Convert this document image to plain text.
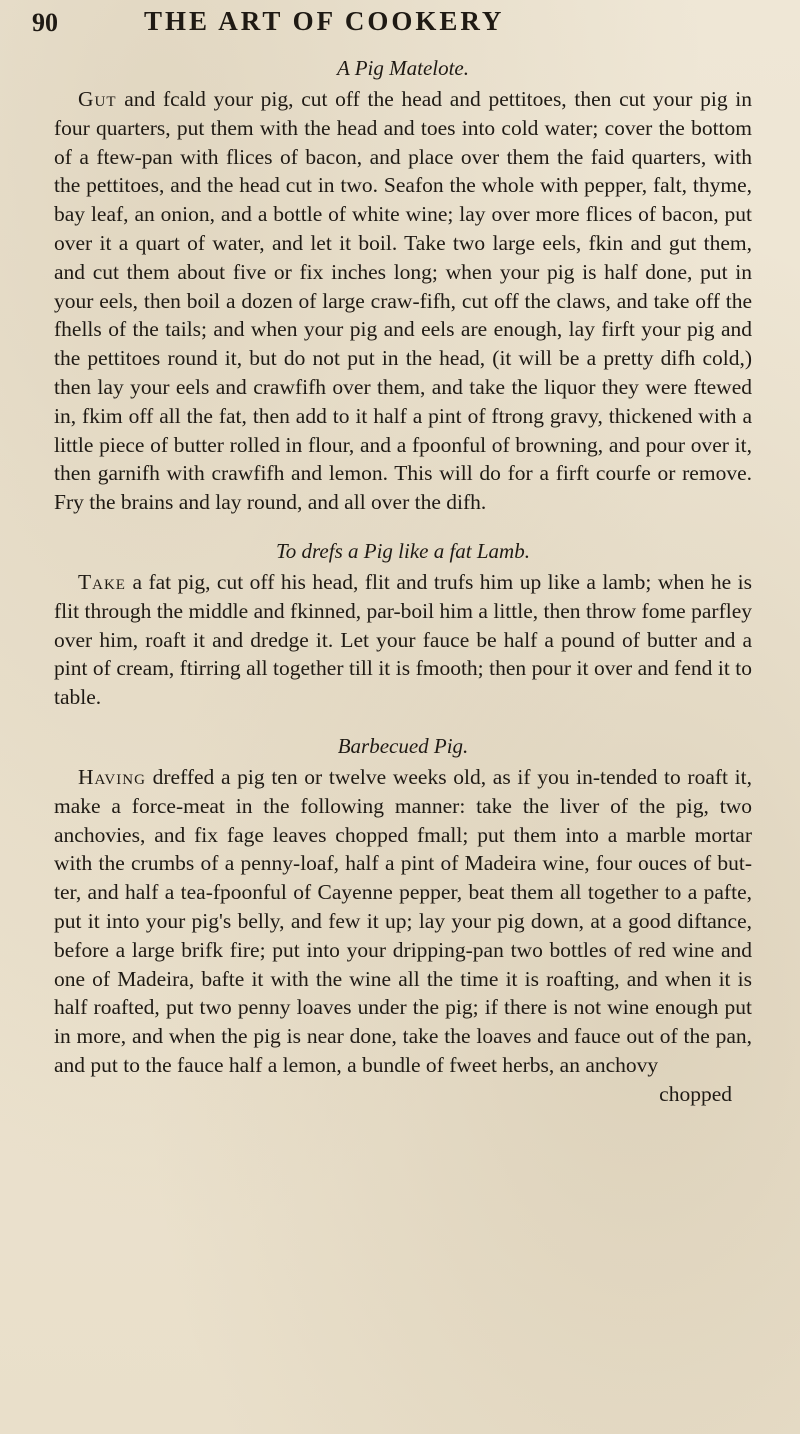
90	THE ART OF COOKERY
A Pig Matelote.

Gut and fcald your pig, cut off the head and pettitoes, then cut your pig in four quarters, put them with the head and toes into cold water; cover the bottom of a ftew-pan with flices of bacon, and place over them the faid quarters, with the pettitoes, and the head cut in two. Seafon the whole with pepper, falt, thyme, bay leaf, an onion, and a bottle of white wine; lay over more flices of bacon, put over it a quart of water, and let it boil. Take two large eels, fkin and gut them, and cut them about five or fix inches long; when your pig is half done, put in your eels, then boil a dozen of large craw-fifh, cut off the claws, and take off the fhells of the tails; and when your pig and eels are enough, lay firft your pig and the pettitoes round it, but do not put in the head, (it will be a pretty difh cold,) then lay your eels and crawfifh over them, and take the liquor they were ftewed in, fkim off all the fat, then add to it half a pint of ftrong gravy, thickened with a little piece of butter rolled in flour, and a fpoonful of browning, and pour over it, then garnifh with crawfifh and lemon. This will do for a firft courfe or remove. Fry the brains and lay round, and all over the difh.

To drefs a Pig like a fat Lamb.

Take a fat pig, cut off his head, flit and trufs him up like a lamb; when he is flit through the middle and fkinned, par-boil him a little, then throw fome parfley over him, roaft it and dredge it. Let your fauce be half a pound of butter and a pint of cream, ftirring all together till it is fmooth; then pour it over and fend it to table.

Barbecued Pig.

Having dreffed a pig ten or twelve weeks old, as if you in-tended to roaft it, make a force-meat in the following manner: take the liver of the pig, two anchovies, and fix fage leaves chopped fmall; put them into a marble mortar with the crumbs of a penny-loaf, half a pint of Madeira wine, four ouces of but-ter, and half a tea-fpoonful of Cayenne pepper, beat them all together to a pafte, put it into your pig's belly, and few it up; lay your pig down, at a good diftance, before a large brifk fire; put into your dripping-pan two bottles of red wine and one of Madeira, bafte it with the wine all the time it is roafting, and when it is half roafted, put two penny loaves under the pig; if there is not wine enough put in more, and when the pig is near done, take the loaves and fauce out of the pan, and put to the fauce half a lemon, a bundle of fweet herbs, an anchovy

chopped
